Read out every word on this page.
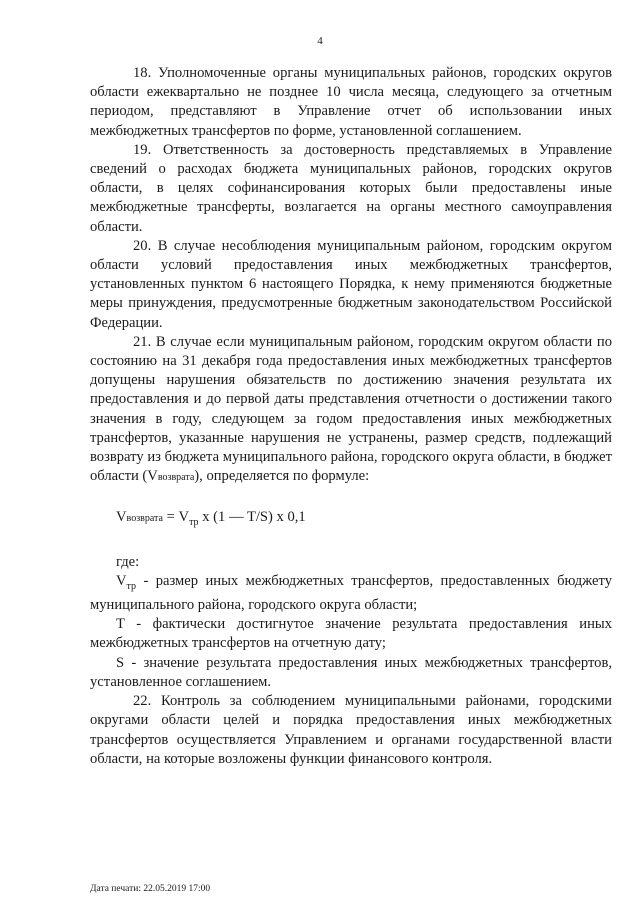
4

18. Уполномоченные органы муниципальных районов, городских округов области ежеквартально не позднее 10 числа месяца, следующего за отчетным периодом, представляют в Управление отчет об использовании иных межбюджетных трансфертов по форме, установленной соглашением.

19. Ответственность за достоверность представляемых в Управление сведений о расходах бюджета муниципальных районов, городских округов области, в целях софинансирования которых были предоставлены иные межбюджетные трансферты, возлагается на органы местного самоуправления области.

20. В случае несоблюдения муниципальным районом, городским округом области условий предоставления иных межбюджетных трансфертов, установленных пунктом 6 настоящего Порядка, к нему применяются бюджетные меры принуждения, предусмотренные бюджетным законодательством Российской Федерации.

21. В случае если муниципальным районом, городским округом области по состоянию на 31 декабря года предоставления иных межбюджетных трансфертов допущены нарушения обязательств по достижению значения результата их предоставления и до первой даты представления отчетности о достижении такого значения в году, следующем за годом предоставления иных межбюджетных трансфертов, указанные нарушения не устранены, размер средств, подлежащий возврату из бюджета муниципального района, городского округа области, в бюджет области (Vвозврата), определяется по формуле:

Vвозврата = $V_{тр}$ x (1 — T/S) x 0,1

где:

$V_{тр}$ - размер иных межбюджетных трансфертов, предоставленных бюджету муниципального района, городского округа области;

T - фактически достигнутое значение результата предоставления иных межбюджетных трансфертов на отчетную дату;

S - значение результата предоставления иных межбюджетных трансфертов, установленное соглашением.

22. Контроль за соблюдением муниципальными районами, городскими округами области целей и порядка предоставления иных межбюджетных трансфертов осуществляется Управлением и органами государственной власти области, на которые возложены функции финансового контроля.

Дата печати: 22.05.2019 17:00
